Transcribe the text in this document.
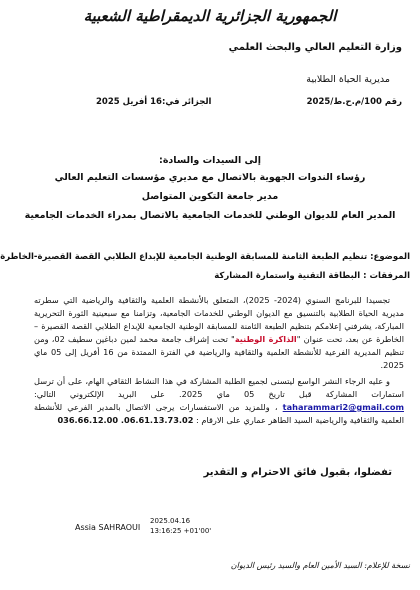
الجمهورية الجزائرية الديمقراطية الشعبية
وزارة التعليم العالي والبحث العلمي
مديرية الحياة الطلابية
رقم 100/م.ح.ط/2025
الجزائر في:16 أفريل 2025
إلى السيدات والسادة:
رؤساء الندوات الجهوية بالاتصال مع مديري مؤسسات التعليم العالي
مدير جامعة التكوين المتواصل
المدير العام للديوان الوطني للخدمات الجامعية بالاتصال بمدراء الخدمات الجامعية
الموضوع: تنظيم الطبعة الثامنة للمسابقة الوطنية الجامعية للإبداع الطلابي القصة القصيرة-الخاطرة
المرفقات : البطاقة التقنية واستمارة المشاركة
تجسيدا للبرنامج السنوي (2024- 2025)، المتعلق بالأنشطة العلمية والثقافية والرياضية التي سطرته مديرية الحياة الطلابية بالتنسيق مع الديوان الوطني للخدمات الجامعية، وتزامنا مع سبعينية الثورة التحريرية المباركة، يشرفني إعلامكم بتنظيم الطبعة الثامنة للمسابقة الوطنية الجامعية للإبداع الطلابي القصة القصيرة – الخاطرة عن بعد، تحت عنوان "الذاكرة الوطنية" تحت إشراف جامعة محمد لمين دباغين سطيف 02، ومن تنظيم المديرية الفرعية للأنشطة العلمية والثقافية والرياضية في الفترة الممتدة من 16 أفريل إلى 05 ماي 2025.
و عليه الرجاء النشر الواسع ليتسنى لجميع الطلبة المشاركة في هذا النشاط الثقافي الهام، على أن ترسل استمارات المشاركة قبل تاريخ 05 ماي 2025. على البريد الإلكتروني التالي: taharammari2@gmail.com ، وللمزيد من الاستفسارات يرجى الاتصال بالمدير الفرعي للأنشطة العلمية والثقافية والرياضية السيد الطاهر عماري على الارقام : 036.66.12.00 .06.61.13.73.02
تفضلوا، بقبول فائق الاحترام و التقدير
Assia SAHRAOUI
2025.04.16
13:16:25 +01'00'
نسخة للإعلام: السيد الأمين العام والسيد رئيس الديوان
